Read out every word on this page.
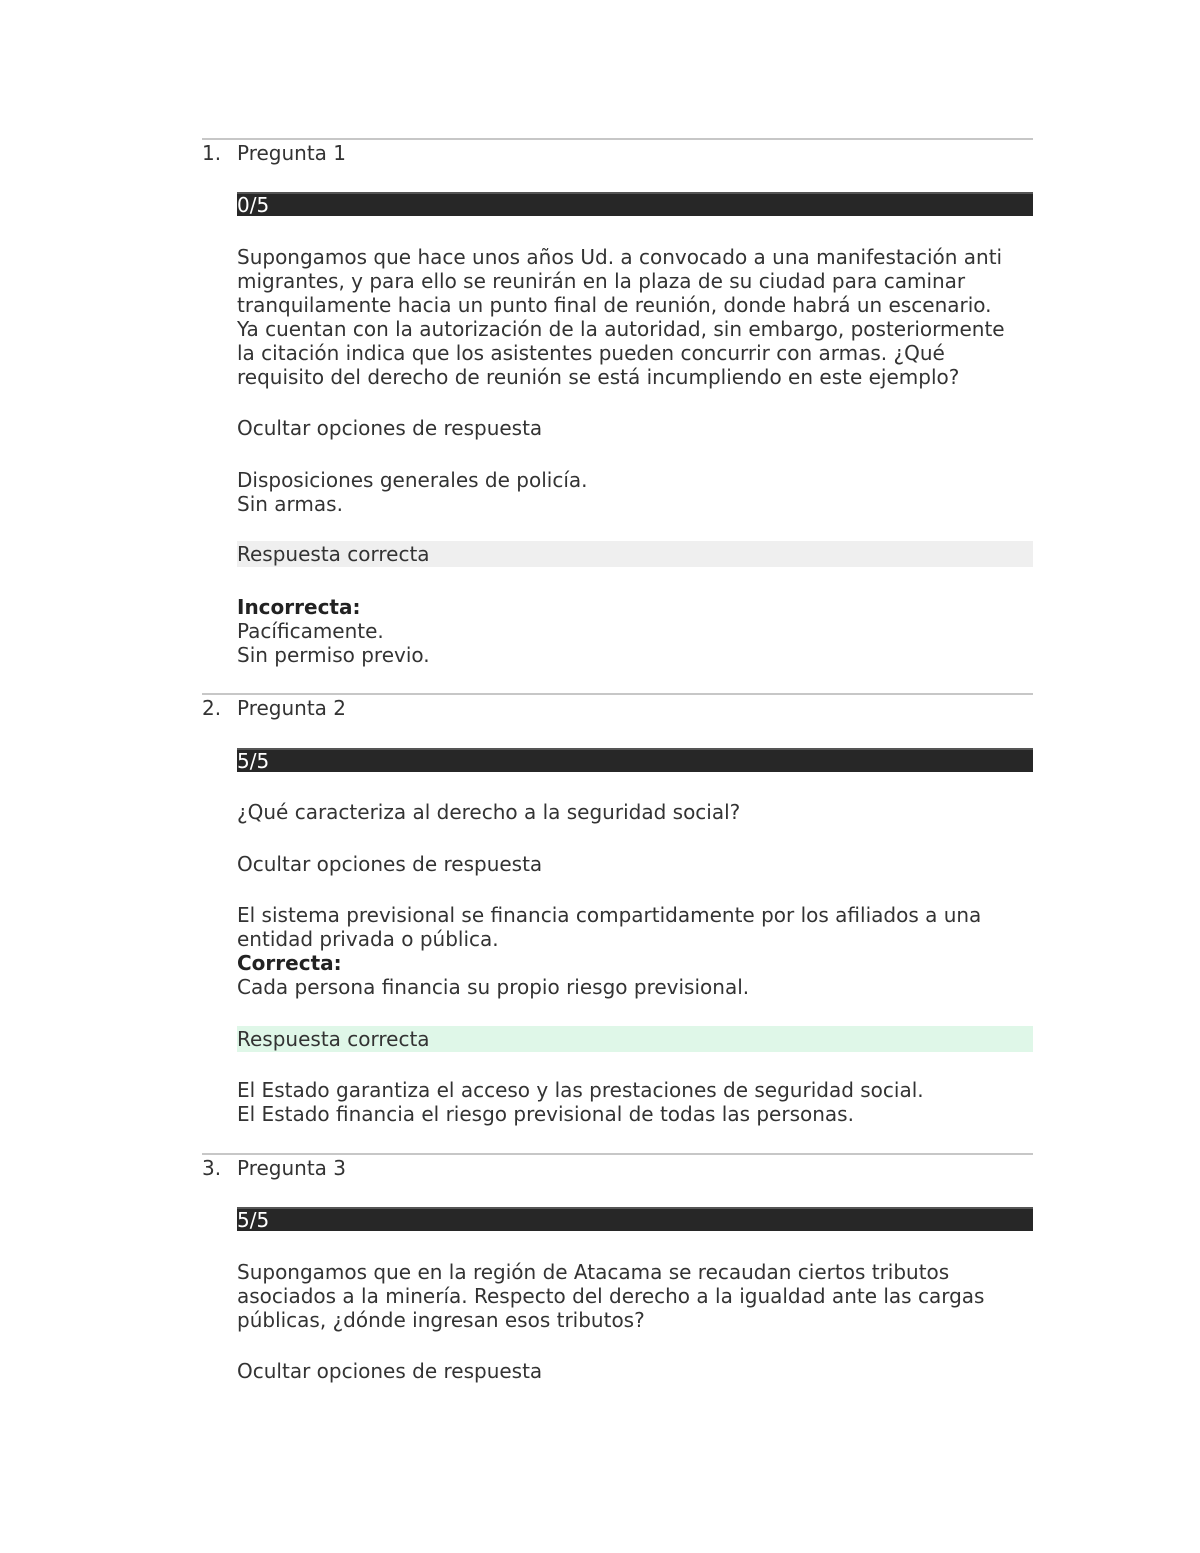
1. Pregunta 1
0/5
Supongamos que hace unos años Ud. a convocado a una manifestación anti
migrantes, y para ello se reunirán en la plaza de su ciudad para caminar
tranquilamente hacia un punto final de reunión, donde habrá un escenario.
Ya cuentan con la autorización de la autoridad, sin embargo, posteriormente
la citación indica que los asistentes pueden concurrir con armas. ¿Qué
requisito del derecho de reunión se está incumpliendo en este ejemplo?
Ocultar opciones de respuesta
Disposiciones generales de policía.
Sin armas.
Respuesta correcta
Incorrecta:
Pacíficamente.
Sin permiso previo.
2. Pregunta 2
5/5
¿Qué caracteriza al derecho a la seguridad social?
Ocultar opciones de respuesta
El sistema previsional se financia compartidamente por los afiliados a una
entidad privada o pública.
Correcta:
Cada persona financia su propio riesgo previsional.
Respuesta correcta
El Estado garantiza el acceso y las prestaciones de seguridad social.
El Estado financia el riesgo previsional de todas las personas.
3. Pregunta 3
5/5
Supongamos que en la región de Atacama se recaudan ciertos tributos
asociados a la minería. Respecto del derecho a la igualdad ante las cargas
públicas, ¿dónde ingresan esos tributos?
Ocultar opciones de respuesta
